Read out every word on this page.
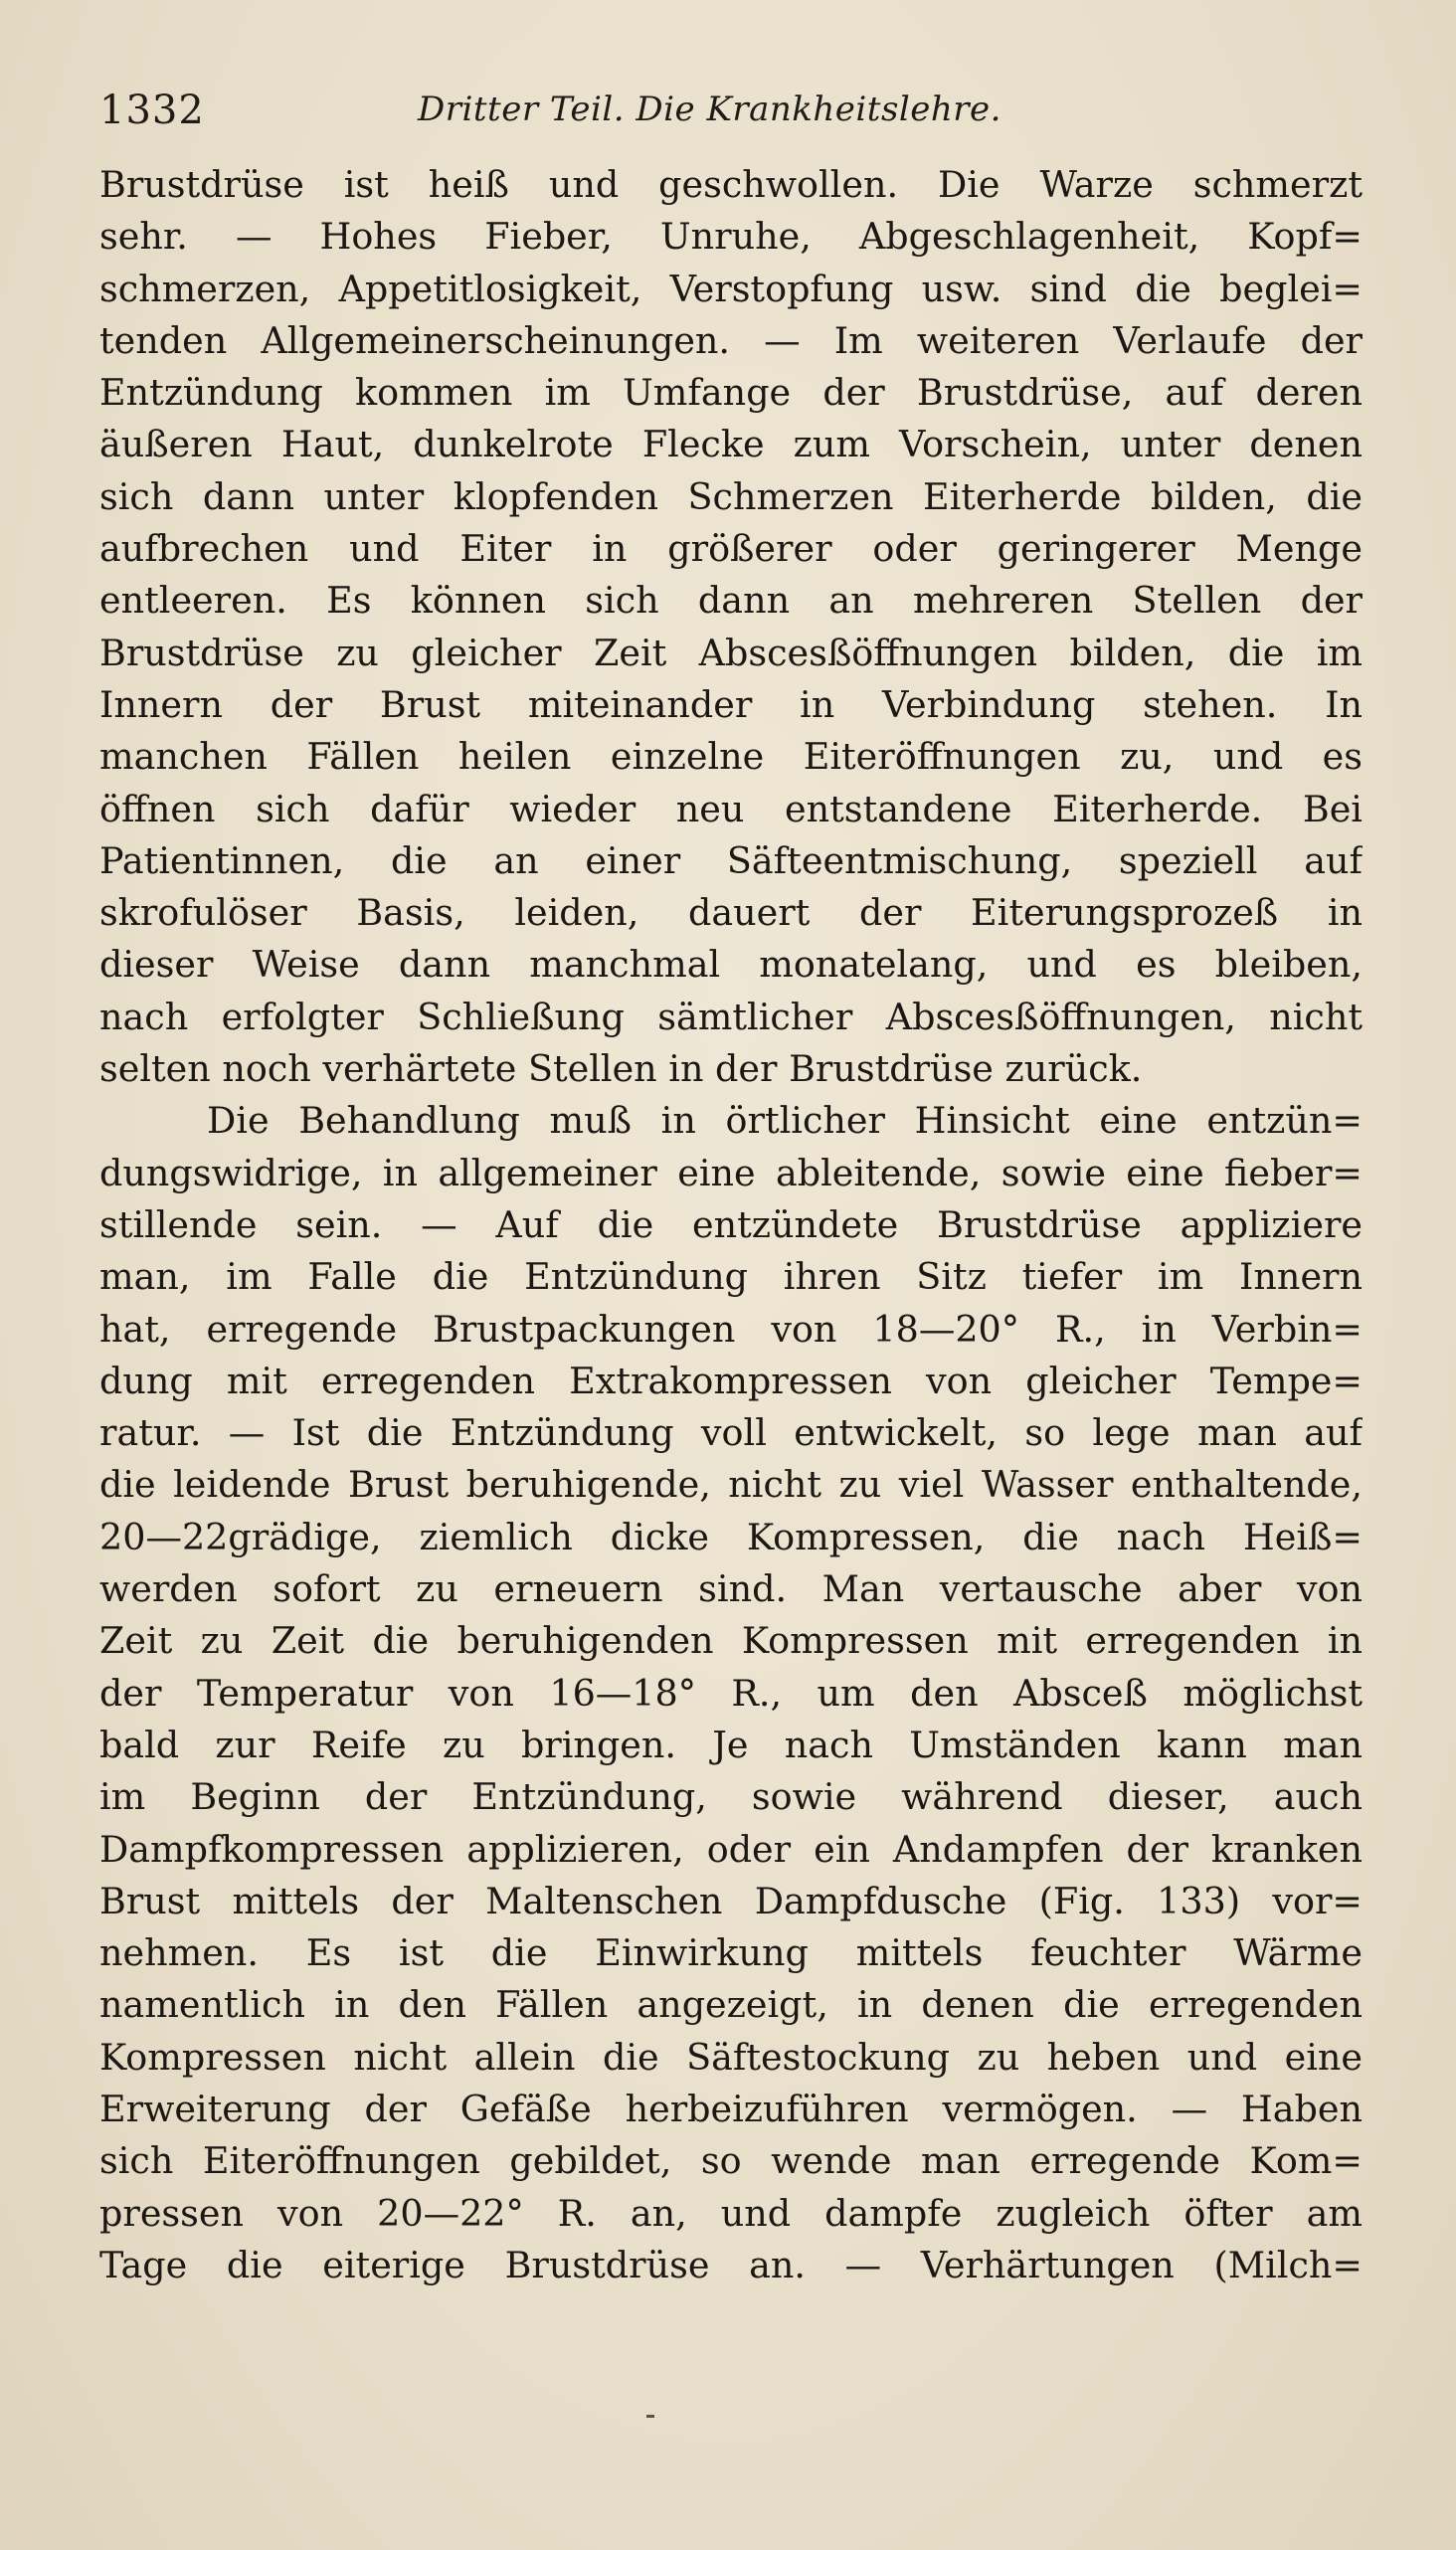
1332	Dritter Teil. Die Krankheitslehre.
Brustdrüse ist heiß und geschwollen. Die Warze schmerzt
sehr. — Hohes Fieber, Unruhe, Abgeschlagenheit, Kopf=
schmerzen, Appetitlosigkeit, Verstopfung usw. sind die beglei=
tenden Allgemeinerscheinungen. — Im weiteren Verlaufe der
Entzündung kommen im Umfange der Brustdrüse, auf deren
äußeren Haut, dunkelrote Flecke zum Vorschein, unter denen
sich dann unter klopfenden Schmerzen Eiterherde bilden, die
aufbrechen und Eiter in größerer oder geringerer Menge
entleeren. Es können sich dann an mehreren Stellen der
Brustdrüse zu gleicher Zeit Abscesßöffnungen bilden, die im
Innern der Brust miteinander in Verbindung stehen. In
manchen Fällen heilen einzelne Eiteröffnungen zu, und es
öffnen sich dafür wieder neu entstandene Eiterherde. Bei
Patientinnen, die an einer Säfteentmischung, speziell auf
skrofulöser Basis, leiden, dauert der Eiterungsprozeß in
dieser Weise dann manchmal monatelang, und es bleiben,
nach erfolgter Schließung sämtlicher Abscesßöffnungen, nicht
selten noch verhärtete Stellen in der Brustdrüse zurück.
Die Behandlung muß in örtlicher Hinsicht eine entzün=
dungswidrige, in allgemeiner eine ableitende, sowie eine fieber=
stillende sein. — Auf die entzündete Brustdrüse appliziere
man, im Falle die Entzündung ihren Sitz tiefer im Innern
hat, erregende Brustpackungen von 18—20° R., in Verbin=
dung mit erregenden Extrakompressen von gleicher Tempe=
ratur. — Ist die Entzündung voll entwickelt, so lege man auf
die leidende Brust beruhigende, nicht zu viel Wasser enthaltende,
20—22grädige, ziemlich dicke Kompressen, die nach Heiß=
werden sofort zu erneuern sind. Man vertausche aber von
Zeit zu Zeit die beruhigenden Kompressen mit erregenden in
der Temperatur von 16—18° R., um den Absceß möglichst
bald zur Reife zu bringen. Je nach Umständen kann man
im Beginn der Entzündung, sowie während dieser, auch
Dampfkompressen applizieren, oder ein Andampfen der kranken
Brust mittels der Maltenschen Dampfdusche (Fig. 133) vor=
nehmen. Es ist die Einwirkung mittels feuchter Wärme
namentlich in den Fällen angezeigt, in denen die erregenden
Kompressen nicht allein die Säftestockung zu heben und eine
Erweiterung der Gefäße herbeizuführen vermögen. — Haben
sich Eiteröffnungen gebildet, so wende man erregende Kom=
pressen von 20—22° R. an, und dampfe zugleich öfter am
Tage die eiterige Brustdrüse an. — Verhärtungen (Milch=
